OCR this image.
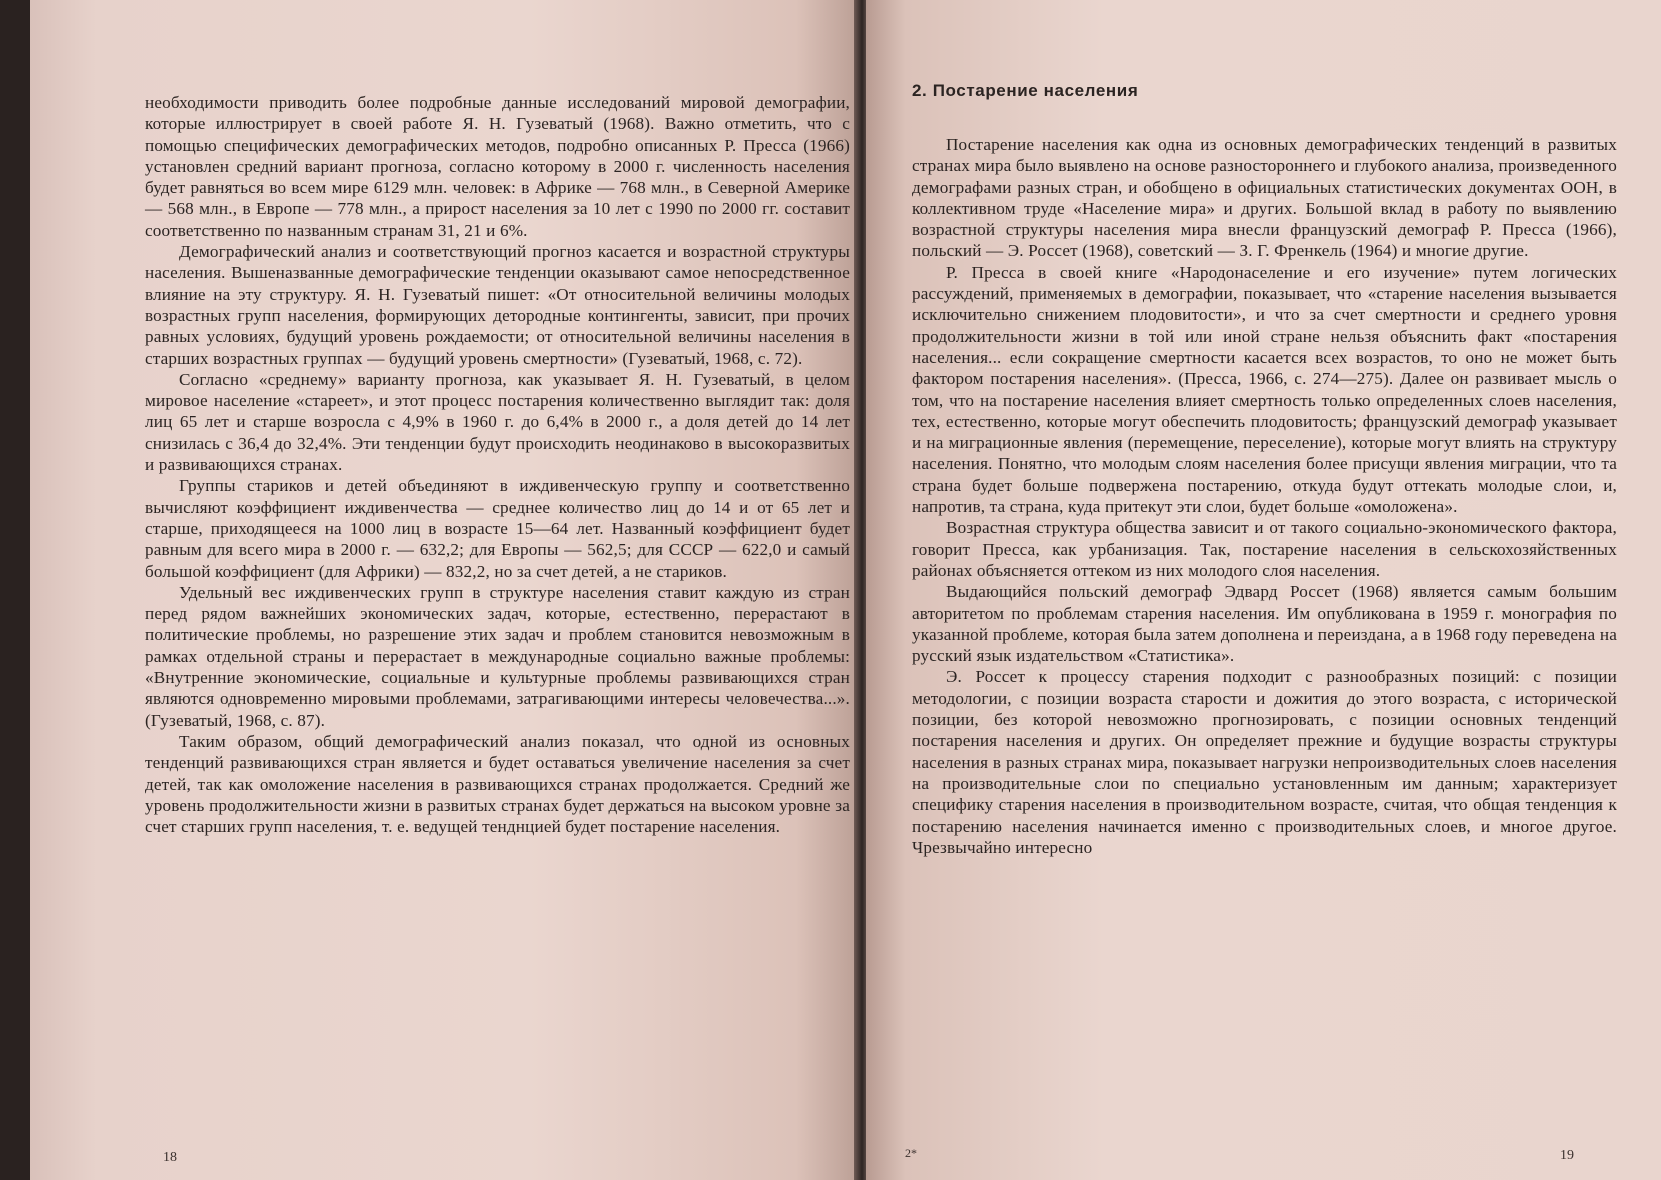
необходимости приводить более подробные данные исследований мировой демографии, которые иллюстрирует в своей работе Я. Н. Гузеватый (1968). Важно отметить, что с помощью специфических демографических методов, подробно описанных Р. Пресса (1966) установлен средний вариант прогноза, согласно которому в 2000 г. численность населения будет равняться во всем мире 6129 млн. человек: в Африке — 768 млн., в Северной Америке — 568 млн., в Европе — 778 млн., а прирост населения за 10 лет с 1990 по 2000 гг. составит соответственно по названным странам 31, 21 и 6%.

Демографический анализ и соответствующий прогноз касается и возрастной структуры населения. Вышеназванные демографические тенденции оказывают самое непосредственное влияние на эту структуру. Я. Н. Гузеватый пишет: «От относительной величины молодых возрастных групп населения, формирующих детородные контингенты, зависит, при прочих равных условиях, будущий уровень рождаемости; от относительной величины населения в старших возрастных группах — будущий уровень смертности» (Гузеватый, 1968, с. 72).

Согласно «среднему» варианту прогноза, как указывает Я. Н. Гузеватый, в целом мировое население «стареет», и этот процесс постарения количественно выглядит так: доля лиц 65 лет и старше возросла с 4,9% в 1960 г. до 6,4% в 2000 г., а доля детей до 14 лет снизилась с 36,4 до 32,4%. Эти тенденции будут происходить неодинаково в высокоразвитых и развивающихся странах.

Группы стариков и детей объединяют в иждивенческую группу и соответственно вычисляют коэффициент иждивенчества — среднее количество лиц до 14 и от 65 лет и старше, приходящееся на 1000 лиц в возрасте 15—64 лет. Названный коэффициент будет равным для всего мира в 2000 г. — 632,2; для Европы — 562,5; для СССР — 622,0 и самый большой коэффициент (для Африки) — 832,2, но за счет детей, а не стариков.

Удельный вес иждивенческих групп в структуре населения ставит каждую из стран перед рядом важнейших экономических задач, которые, естественно, перерастают в политические проблемы, но разрешение этих задач и проблем становится невозможным в рамках отдельной страны и перерастает в международные социально важные проблемы: «Внутренние экономические, социальные и культурные проблемы развивающихся стран являются одновременно мировыми проблемами, затрагивающими интересы человечества...». (Гузеватый, 1968, с. 87).

Таким образом, общий демографический анализ показал, что одной из основных тенденций развивающихся стран является и будет оставаться увеличение населения за счет детей, так как омоложение населения в развивающихся странах продолжается. Средний же уровень продолжительности жизни в развитых странах будет держаться на высоком уровне за счет старших групп населения, т. е. ведущей тенднцией будет постарение населения.

18
2. Постарение населения

Постарение населения как одна из основных демографических тенденций в развитых странах мира было выявлено на основе разностороннего и глубокого анализа, произведенного демографами разных стран, и обобщено в официальных статистических документах ООН, в коллективном труде «Население мира» и других. Большой вклад в работу по выявлению возрастной структуры населения мира внесли французский демограф Р. Пресса (1966), польский — Э. Россет (1968), советский — З. Г. Френкель (1964) и многие другие.

Р. Пресса в своей книге «Народонаселение и его изучение» путем логических рассуждений, применяемых в демографии, показывает, что «старение населения вызывается исключительно снижением плодовитости», и что за счет смертности и среднего уровня продолжительности жизни в той или иной стране нельзя объяснить факт «постарения населения... если сокращение смертности касается всех возрастов, то оно не может быть фактором постарения населения». (Пресса, 1966, с. 274—275). Далее он развивает мысль о том, что на постарение населения влияет смертность только определенных слоев населения, тех, естественно, которые могут обеспечить плодовитость; французский демограф указывает и на миграционные явления (перемещение, переселение), которые могут влиять на структуру населения. Понятно, что молодым слоям населения более присущи явления миграции, что та страна будет больше подвержена постарению, откуда будут оттекать молодые слои, и, напротив, та страна, куда притекут эти слои, будет больше «омоложена».

Возрастная структура общества зависит и от такого социально-экономического фактора, говорит Пресса, как урбанизация. Так, постарение населения в сельскохозяйственных районах объясняется оттеком из них молодого слоя населения.

Выдающийся польский демограф Эдвард Россет (1968) является самым большим авторитетом по проблемам старения населения. Им опубликована в 1959 г. монография по указанной проблеме, которая была затем дополнена и переиздана, а в 1968 году переведена на русский язык издательством «Статистика».

Э. Россет к процессу старения подходит с разнообразных позиций: с позиции методологии, с позиции возраста старости и дожития до этого возраста, с исторической позиции, без которой невозможно прогнозировать, с позиции основных тенденций постарения населения и других. Он определяет прежние и будущие возрасты структуры населения в разных странах мира, показывает нагрузки непроизводительных слоев населения на производительные слои по специально установленным им данным; характеризует специфику старения населения в производительном возрасте, считая, что общая тенденция к постарению населения начинается именно с производительных слоев, и многое другое. Чрезвычайно интересно

2*	19
